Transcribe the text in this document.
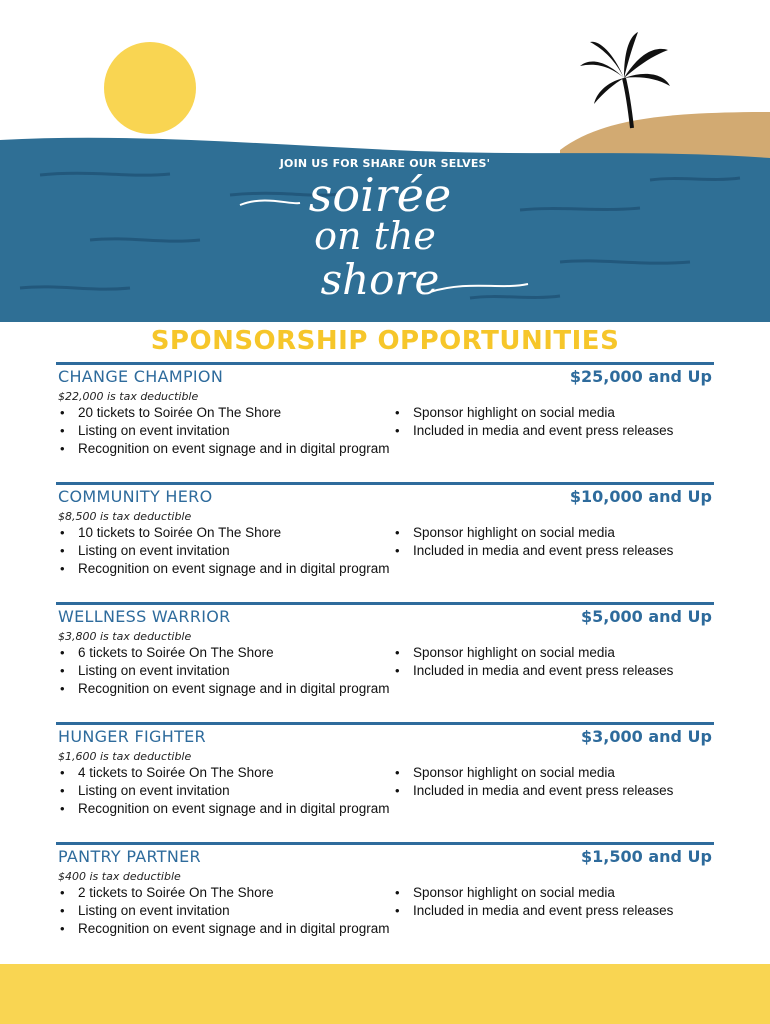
JOIN US FOR SHARE OUR SELVES'
soirée
on the
shore
SPONSORSHIP OPPORTUNITIES
CHANGE CHAMPION	$25,000 and Up
$22,000 is tax deductible
• 20 tickets to Soirée On The Shore
• Listing on event invitation
• Recognition on event signage and in digital program
• Sponsor highlight on social media
• Included in media and event press releases
COMMUNITY HERO	$10,000 and Up
$8,500 is tax deductible
• 10 tickets to Soirée On The Shore
• Listing on event invitation
• Recognition on event signage and in digital program
• Sponsor highlight on social media
• Included in media and event press releases
WELLNESS WARRIOR	$5,000 and Up
$3,800 is tax deductible
• 6 tickets to Soirée On The Shore
• Listing on event invitation
• Recognition on event signage and in digital program
• Sponsor highlight on social media
• Included in media and event press releases
HUNGER FIGHTER	$3,000 and Up
$1,600 is tax deductible
• 4 tickets to Soirée On The Shore
• Listing on event invitation
• Recognition on event signage and in digital program
• Sponsor highlight on social media
• Included in media and event press releases
PANTRY PARTNER	$1,500 and Up
$400 is tax deductible
• 2 tickets to Soirée On The Shore
• Listing on event invitation
• Recognition on event signage and in digital program
• Sponsor highlight on social media
• Included in media and event press releases
